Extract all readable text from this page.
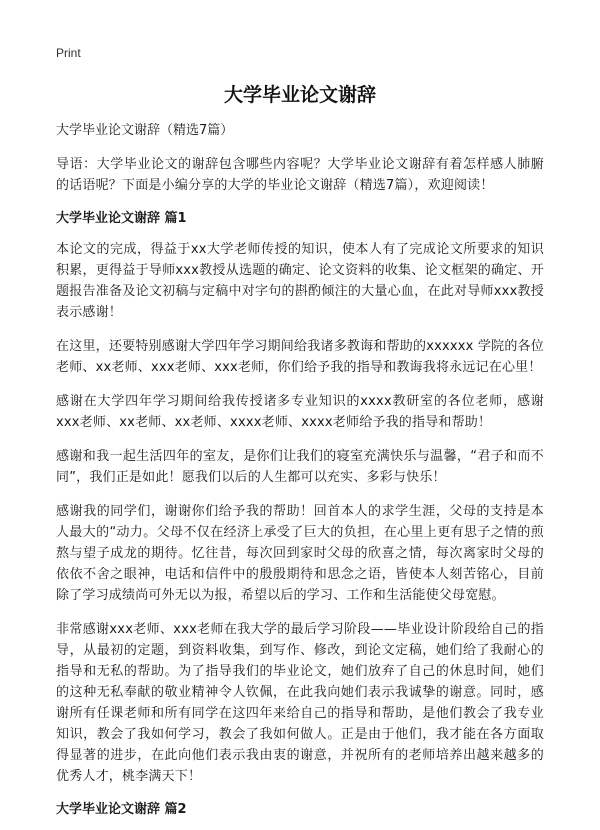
Print
大学毕业论文谢辞

大学毕业论文谢辞（精选7篇）

导语：大学毕业论文的谢辞包含哪些内容呢？大学毕业论文谢辞有着怎样感人肺腑的话语呢？下面是小编分享的大学的毕业论文谢辞（精选7篇），欢迎阅读！

大学毕业论文谢辞 篇1

本论文的完成，得益于xx大学老师传授的知识，使本人有了完成论文所要求的知识积累，更得益于导师xxx教授从选题的确定、论文资料的收集、论文框架的确定、开题报告准备及论文初稿与定稿中对字句的斟酌倾注的大量心血，在此对导师xxx教授表示感谢！

在这里，还要特别感谢大学四年学习期间给我诸多教诲和帮助的xxxxxx 学院的各位老师、xx老师、xxx老师、xxx老师，你们给予我的指导和教诲我将永远记在心里！

感谢在大学四年学习期间给我传授诸多专业知识的xxxx教研室的各位老师，感谢xxx老师、xx老师、xx老师、xxxx老师、xxxx老师给予我的指导和帮助！

感谢和我一起生活四年的室友，是你们让我们的寝室充满快乐与温馨，“君子和而不同”，我们正是如此！愿我们以后的人生都可以充实、多彩与快乐！

感谢我的同学们，谢谢你们给予我的帮助！回首本人的求学生涯，父母的支持是本人最大的“动力。父母不仅在经济上承受了巨大的负担，在心里上更有思子之情的煎熬与望子成龙的期待。忆往昔，每次回到家时父母的欣喜之情，每次离家时父母的依依不舍之眼神，电话和信件中的殷殷期待和思念之语，皆使本人刻苦铭心，目前除了学习成绩尚可外无以为报，希望以后的学习、工作和生活能使父母宽慰。

非常感谢xxx老师、xxx老师在我大学的最后学习阶段——毕业设计阶段给自己的指导，从最初的定题，到资料收集，到写作、修改，到论文定稿，她们给了我耐心的指导和无私的帮助。为了指导我们的毕业论文，她们放弃了自己的休息时间，她们的这种无私奉献的敬业精神令人钦佩，在此我向她们表示我诚挚的谢意。同时，感谢所有任课老师和所有同学在这四年来给自己的指导和帮助，是他们教会了我专业知识，教会了我如何学习，教会了我如何做人。正是由于他们，我才能在各方面取得显著的进步，在此向他们表示我由衷的谢意，并祝所有的老师培养出越来越多的优秀人才，桃李满天下！

大学毕业论文谢辞 篇2
